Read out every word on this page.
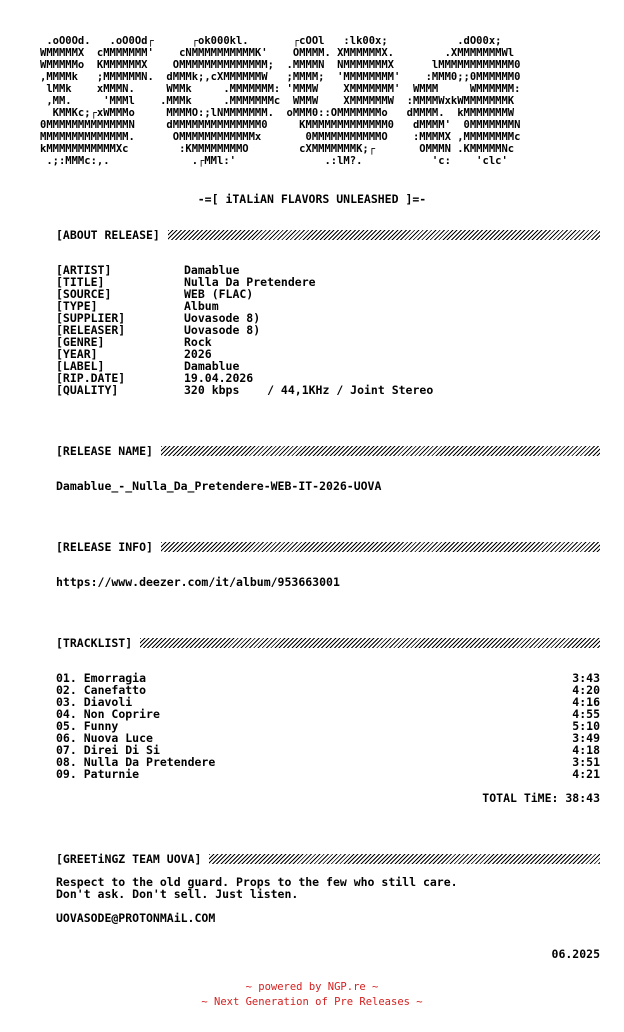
.oO0Od.   .oO0Od┌      ┌ok000kl.       ┌cOOl   :lk00x;           .dO00x;
WMMMMMX  cMMMMMMM'    cNMMMMMMMMMMK'    OMMMM. XMMMMMMX.        .XMMMMMMMWl
WMMMMMo  KMMMMMMX    OMMMMMMMMMMMMMM;  .MMMMN  NMMMMMMMX      lMMMMMMMMMMMM0
,MMMMk   ;MMMMMMN.  dMMMk;,cXMMMMMMW   ;MMMM;  'MMMMMMMM'    :MMM0;;0MMMMMM0
lMMk    xMMMN.     WMMk     .MMMMMMM: 'MMMW    XMMMMMMM'  WMMM     WMMMMMM:
,MM.     'MMMl    .MMMk     .MMMMMMMc  WMMW    XMMMMMMW  :MMMMWxkWMMMMMMMK
KMMKc;┌xWMMMo     MMMMO:;lNMMMMMMM.  oMMM0::OMMMMMMMo   dMMMM.  kMMMMMMMW
0MMMMMMMMMMMMMN     dMMMMMMMMMMMMMM0     KMMMMMMMMMMMMM0   dMMMM'  0MMMMMMMN
MMMMMMMMMMMMMM.      OMMMMMMMMMMMMx       0MMMMMMMMMMMO    :MMMMX ,MMMMMMMMc
kMMMMMMMMMMMXc        :KMMMMMMMMO        cXMMMMMMMK;┌       OMMMN .KMMMMMNc
.;:MMMc:,.             .┌MMl:'              .:lM?.           'c:    'clc'
-=[ iTALiAN FLAVORS UNLEASHED ]=-
[ABOUT RELEASE]
[ARTIST]	Damablue
[TITLE]	Nulla Da Pretendere
[SOURCE]	WEB (FLAC)
[TYPE]	Album
[SUPPLIER]	Uovasode 8)
[RELEASER]	Uovasode 8)
[GENRE]	Rock
[YEAR]	2026
[LABEL]	Damablue
[RIP.DATE]	19.04.2026
[QUALITY]	320 kbps    / 44,1KHz / Joint Stereo
[RELEASE NAME]
Damablue_-_Nulla_Da_Pretendere-WEB-IT-2026-UOVA
[RELEASE INFO]
https://www.deezer.com/it/album/953663001
[TRACKLIST]
01. Emorragia	3:43
02. Canefatto	4:20
03. Diavoli	4:16
04. Non Coprire	4:55
05. Funny	5:10
06. Nuova Luce	3:49
07. Direi Di Si	4:18
08. Nulla Da Pretendere	3:51
09. Paturnie	4:21
TOTAL TiME: 38:43
[GREETiNGZ TEAM UOVA]
Respect to the old guard. Props to the few who still care.
Don't ask. Don't sell. Just listen.
UOVASODE@PROTONMAiL.COM
06.2025
~ powered by NGP.re ~
~ Next Generation of Pre Releases ~
